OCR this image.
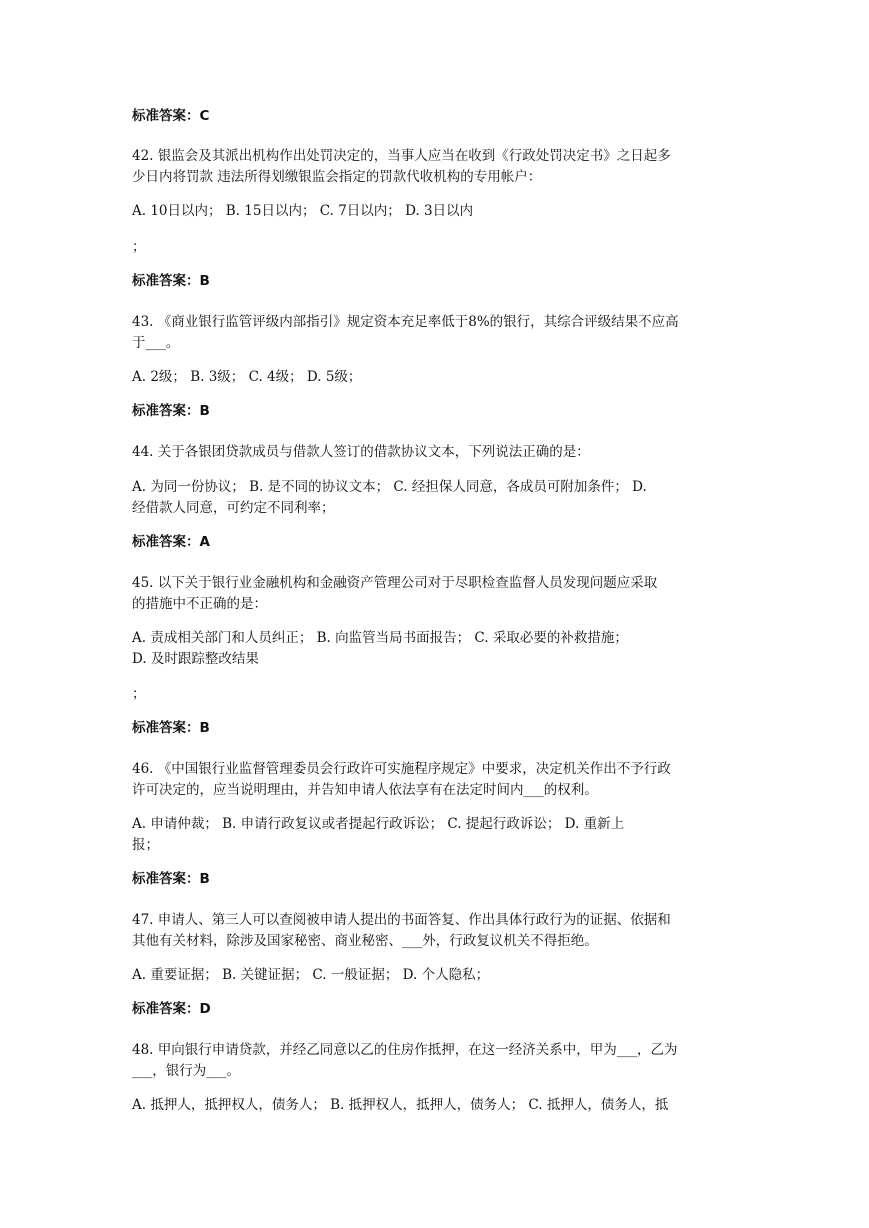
标准答案：C
42. 银监会及其派出机构作出处罚决定的，当事人应当在收到《行政处罚决定书》之日起多
少日内将罚款 违法所得划缴银监会指定的罚款代收机构的专用帐户：
A. 10日以内； B. 15日以内； C. 7日以内； D. 3日以内
；
标准答案：B
43. 《商业银行监管评级内部指引》规定资本充足率低于8%的银行，其综合评级结果不应高
于___。
A. 2级； B. 3级； C. 4级； D. 5级；
标准答案：B
44. 关于各银团贷款成员与借款人签订的借款协议文本，下列说法正确的是：
A. 为同一份协议； B. 是不同的协议文本； C. 经担保人同意，各成员可附加条件； D.
经借款人同意，可约定不同利率；
标准答案：A
45. 以下关于银行业金融机构和金融资产管理公司对于尽职检查监督人员发现问题应采取
的措施中不正确的是：
A. 责成相关部门和人员纠正； B. 向监管当局书面报告； C. 采取必要的补救措施；
D. 及时跟踪整改结果
；
标准答案：B
46. 《中国银行业监督管理委员会行政许可实施程序规定》中要求，决定机关作出不予行政
许可决定的，应当说明理由，并告知申请人依法享有在法定时间内___的权利。
A. 申请仲裁； B. 申请行政复议或者提起行政诉讼； C. 提起行政诉讼； D. 重新上
报；
标准答案：B
47. 申请人、第三人可以查阅被申请人提出的书面答复、作出具体行政行为的证据、依据和
其他有关材料，除涉及国家秘密、商业秘密、___外，行政复议机关不得拒绝。
A. 重要证据； B. 关键证据； C. 一般证据； D. 个人隐私；
标准答案：D
48. 甲向银行申请贷款，并经乙同意以乙的住房作抵押，在这一经济关系中，甲为___，乙为
___，银行为___。
A. 抵押人，抵押权人，债务人； B. 抵押权人，抵押人，债务人； C. 抵押人，债务人，抵
